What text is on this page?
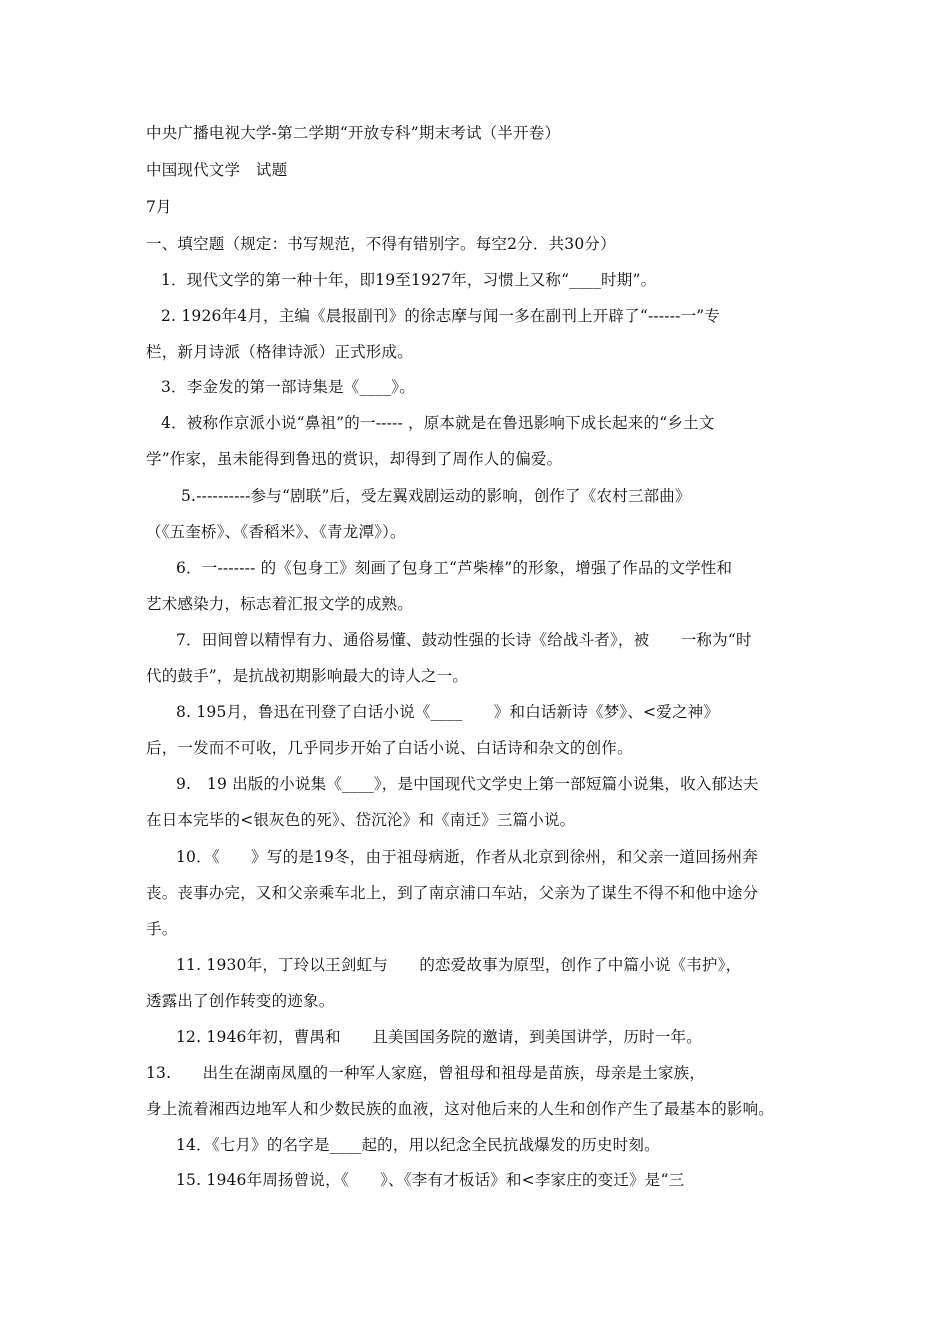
中央广播电视大学-第二学期“开放专科”期末考试（半开卷）
中国现代文学　试题
7月
一、填空题（规定：书写规范，不得有错别字。每空2分．共30分）
1．现代文学的第一种十年，即19至1927年，习惯上又称“____时期”。
2. 1926年4月，主编《晨报副刊》的徐志摩与闻一多在副刊上开辟了“------一”专
栏，新月诗派（格律诗派）正式形成。
3．李金发的第一部诗集是《____》。
4．被称作京派小说“鼻祖”的一----- ，原本就是在鲁迅影响下成长起来的“乡土文
学”作家，虽未能得到鲁迅的赏识，却得到了周作人的偏爱。
5.----------参与“剧联”后，受左翼戏剧运动的影响，创作了《农村三部曲》
（《五奎桥》、《香稻米》、《青龙潭》）。
6．一------- 的《包身工》刻画了包身工“芦柴棒”的形象，增强了作品的文学性和
艺术感染力，标志着汇报文学的成熟。
7．田间曾以精悍有力、通俗易懂、鼓动性强的长诗《给战斗者》，被　　一称为“时
代的鼓手”，是抗战初期影响最大的诗人之一。
8. 195月，鲁迅在刊登了白话小说《____　　》和白话新诗《梦》、<爱之神》
后，一发而不可收，几乎同步开始了白话小说、白话诗和杂文的创作。
9.　19 出版的小说集《____》，是中国现代文学史上第一部短篇小说集，收入郁达夫
在日本完毕的<银灰色的死》、岱沉沦》和《南迁》三篇小说。
10．《　　》写的是19冬，由于祖母病逝，作者从北京到徐州，和父亲一道回扬州奔
丧。丧事办完，又和父亲乘车北上，到了南京浦口车站，父亲为了谋生不得不和他中途分
手。
11. 1930年，丁玲以王剑虹与　　的恋爱故事为原型，创作了中篇小说《韦护》，
透露出了创作转变的迹象。
12. 1946年初，曹禺和　　且美国国务院的邀请，到美国讲学，历时一年。
13.　　出生在湖南凤凰的一种军人家庭，曾祖母和祖母是苗族，母亲是土家族，
身上流着湘西边地军人和少数民族的血液，这对他后来的人生和创作产生了最基本的影响。
14．《七月》的名字是____起的，用以纪念全民抗战爆发的历史时刻。
15. 1946年周扬曾说，《　　》、《李有才板话》和<李家庄的变迁》是“三
